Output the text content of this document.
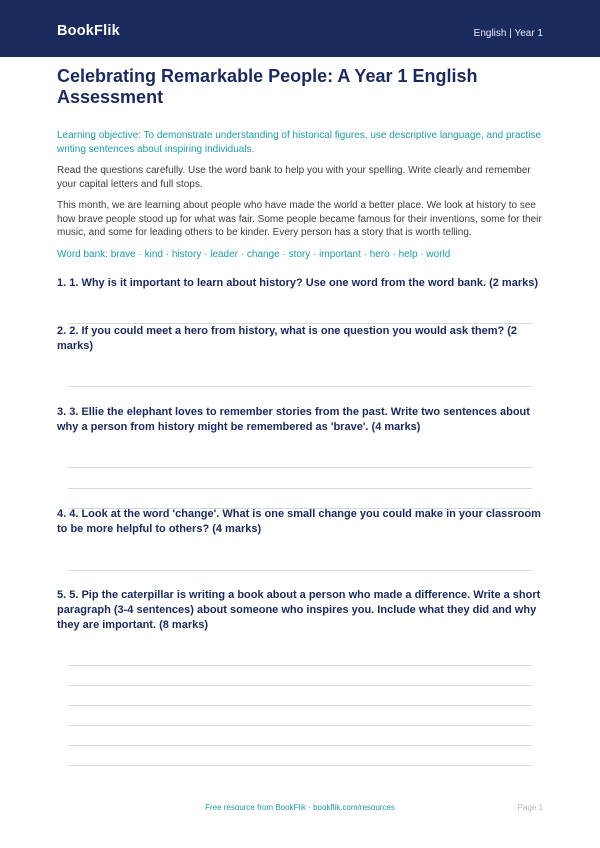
BookFlik	English | Year 1
Celebrating Remarkable People: A Year 1 English Assessment

Learning objective: To demonstrate understanding of historical figures, use descriptive language, and practise writing sentences about inspiring individuals.

Read the questions carefully. Use the word bank to help you with your spelling. Write clearly and remember your capital letters and full stops.

This month, we are learning about people who have made the world a better place. We look at history to see how brave people stood up for what was fair. Some people became famous for their inventions, some for their music, and some for leading others to be kinder. Every person has a story that is worth telling.

Word bank: brave · kind · history · leader · change · story · important · hero · help · world

1. 1. Why is it important to learn about history? Use one word from the word bank. (2 marks)
2. 2. If you could meet a hero from history, what is one question you would ask them? (2 marks)
3. 3. Ellie the elephant loves to remember stories from the past. Write two sentences about why a person from history might be remembered as 'brave'. (4 marks)
4. 4. Look at the word 'change'. What is one small change you could make in your classroom to be more helpful to others? (4 marks)
5. 5. Pip the caterpillar is writing a book about a person who made a difference. Write a short paragraph (3-4 sentences) about someone who inspires you. Include what they did and why they are important. (8 marks)
Free resource from BookFlik · bookflik.com/resources	Page 1
